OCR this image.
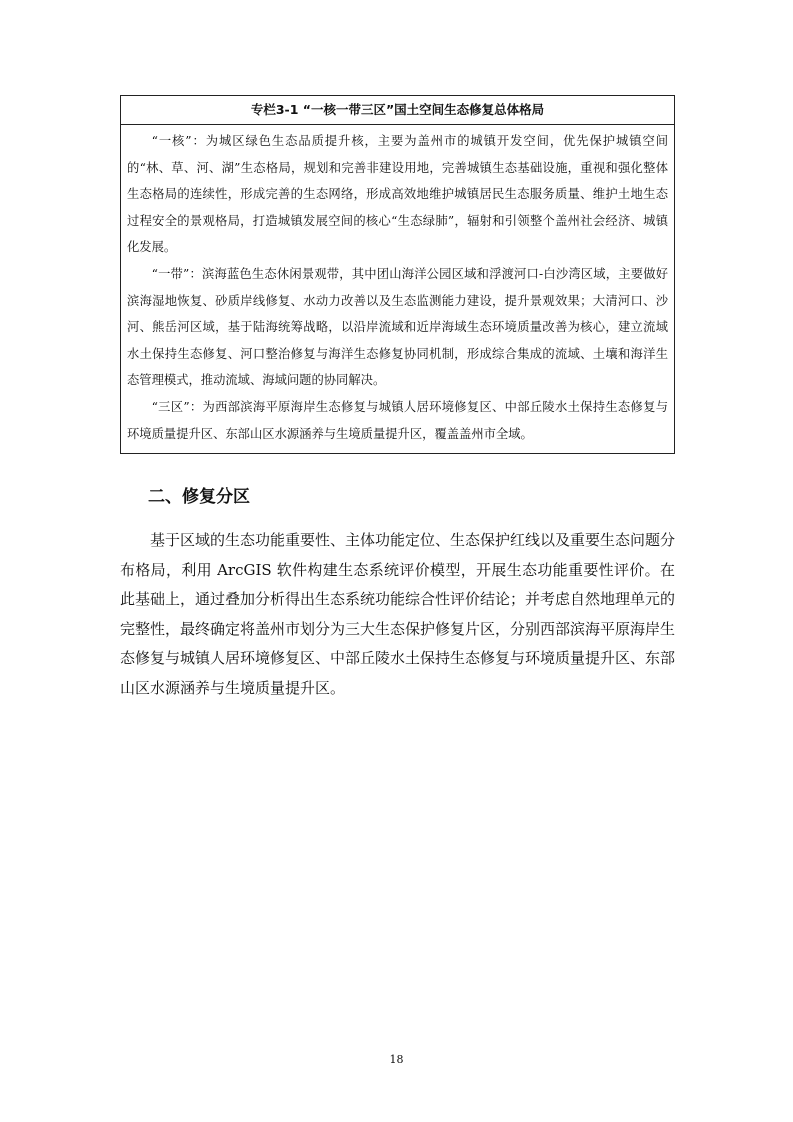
专栏3-1 “一核一带三区”国土空间生态修复总体格局

“一核”：为城区绿色生态品质提升核，主要为盖州市的城镇开发空间，优先保护城镇空间的“林、草、河、湖”生态格局，规划和完善非建设用地，完善城镇生态基础设施，重视和强化整体生态格局的连续性，形成完善的生态网络，形成高效地维护城镇居民生态服务质量、维护土地生态过程安全的景观格局，打造城镇发展空间的核心“生态绿肺”，辐射和引领整个盖州社会经济、城镇化发展。

“一带”：滨海蓝色生态休闲景观带，其中团山海洋公园区域和浮渡河口-白沙湾区域，主要做好滨海湿地恢复、砂质岸线修复、水动力改善以及生态监测能力建设，提升景观效果；大清河口、沙河、熊岳河区域，基于陆海统筹战略，以沿岸流域和近岸海域生态环境质量改善为核心，建立流域水土保持生态修复、河口整治修复与海洋生态修复协同机制，形成综合集成的流域、土壤和海洋生态管理模式，推动流域、海域问题的协同解决。

“三区”：为西部滨海平原海岸生态修复与城镇人居环境修复区、中部丘陵水土保持生态修复与环境质量提升区、东部山区水源涵养与生境质量提升区，覆盖盖州市全域。

二、修复分区

基于区域的生态功能重要性、主体功能定位、生态保护红线以及重要生态问题分布格局，利用 ArcGIS 软件构建生态系统评价模型，开展生态功能重要性评价。在此基础上，通过叠加分析得出生态系统功能综合性评价结论；并考虑自然地理单元的完整性，最终确定将盖州市划分为三大生态保护修复片区，分别西部滨海平原海岸生态修复与城镇人居环境修复区、中部丘陵水土保持生态修复与环境质量提升区、东部山区水源涵养与生境质量提升区。

18
